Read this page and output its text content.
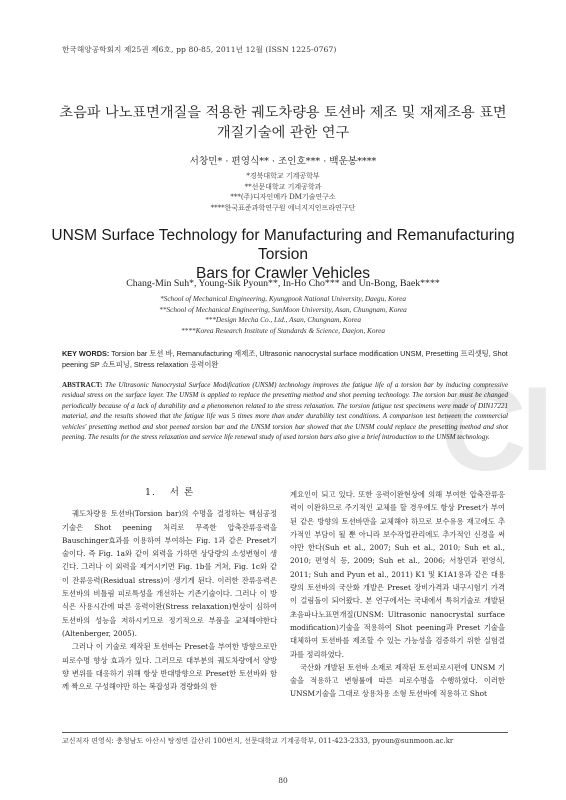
한국해양공학회지 제25권 제6호, pp 80-85, 2011년 12월 (ISSN 1225-0767)
초음파 나노표면개질을 적용한 궤도차량용 토션바 제조 및 재제조용 표면
개질기술에 관한 연구
서창민* · 편영식** · 조인호*** · 백운봉****
*경북대학교 기계공학부
**선문대학교 기계공학과
***(주)디자인메카 DM기술연구소
****한국표준과학연구원 에너지지인프라연구단
UNSM Surface Technology for Manufacturing and Remanufacturing Torsion
Bars for Crawler Vehicles
Chang-Min Suh*, Young-Sik Pyoun**, In-Ho Cho*** and Un-Bong, Baek****
*School of Mechanical Engineering, Kyungpook National University, Daegu, Korea
**School of Mechanical Engineering, SunMoon University, Asan, Chungnam, Korea
***Design Mecha Co., Ltd., Asan, Chungnam, Korea
****Korea Research Institute of Standards & Science, Daejon, Korea
CI
KEY WORDS: Torsion bar 토션 바, Remanufacturing 재제조, Ultrasonic nanocrystal surface modification UNSM, Presetting 프리셋팅, Shot peening SP 쇼트피닝, Stress relaxation 응력이완
ABSTRACT: The Ultrasonic Nanocrystal Surface Modification (UNSM) technology improves the fatigue life of a torsion bar by inducing compressive residual stress on the surface layer. The UNSM is applied to replace the presetting method and shot peening technology. The torsion bar must be changed periodically because of a lack of durability and a phenomenon related to the stress relaxation. The torsion fatigue test specimens were made of DIN17221 material, and the results showed that the fatigue life was 5 times more than under durability test conditions. A comparison test between the commercial vehicles' presetting method and shot peened torsion bar and the UNSM torsion bar showed that the UNSM could replace the presetting method and shot peening. The results for the stress relaxation and service life renewal study of used torsion bars also give a brief introduction to the UNSM technology.
1. 서 론

궤도차량용 토션바(Torsion bar)의 수명을 결정하는 핵심공정기술은 Shot peening 처리로 무족한 압축잔류응력을 Bauschinger효과를 이용하여 부여하는 Fig. 1과 같은 Preset기술이다. 즉 Fig. 1a와 같이 외력을 가하면 상당량의 소성변형이 생긴다. 그러나 이 외력을 제거시키면 Fig. 1b를 거쳐, Fig. 1c와 같이 잔류응력(Residual stress)이 생기게 된다. 이러한 잔류응력은 토션바의 비틀림 피로특성을 개선하는 기존기술이다. 그러나 이 방식은 사용시간에 따른 응력이완(Stress relaxation)현상이 심하여 토션바의 성능을 저하시키므로 정기적으로 부품을 교체해야한다(Altenberger, 2005).

그러나 이 기술로 제작된 토션바는 Preset을 부여한 방향으로만 피로수명 향상 효과가 있다. 그러므로 대부분의 궤도차량에서 양방향 변위를 대응하기 위해 항상 반대방향으로 Preset한 토션바와 함께 짝으로 구성해야만 하는 복잡성과 경량화의 한

계요인이 되고 있다. 또한 응력이완현상에 의해 부여한 압축잔류응력이 이완하므로 주기적인 교체를 할 경우에도 항상 Preset가 부여된 같은 방향의 토션바만을 교체해야 하므로 보수유용 재고에도 추가적인 부담이 될 뿐 아니라 보수작업관리에도 추가적인 신경을 써야만 한다(Suh et al., 2007; Suh et al., 2010; Suh et al., 2010; 편영식 등, 2009; Suh et al., 2006; 서창민과 편영식, 2011; Suh and Pyun et al., 2011) K1 및 K1A1용과 같은 대용량의 토션바의 국산화 개발은 Preset 장비가격과 내구시험기 가격이 걸림돌이 되어왔다. 본 연구에서는 국내에서 특허기술로 개발된 초음파나노표면개질(UNSM: Ultrasonic nanocrystal surface modification)기술을 적용하여 Shot peening과 Preset 기술을 대체하여 토션바를 제조할 수 있는 가능성을 검증하기 위한 실험결과를 정리하였다.

국산화 개발된 토션바 소재로 제작된 토션피로시편에 UNSM 기술을 적용하고 변형률에 따른 피로수명을 수행하였다. 이러한 UNSM기술을 그대로 상용차용 소형 토션바에 적용하고 Shot

교신저자 편영식: 충청남도 아산시 탕정면 갈산리 100번지, 선문대학교 기계공학부, 011-423-2333, pyoun@sunmoon.ac.kr
80
